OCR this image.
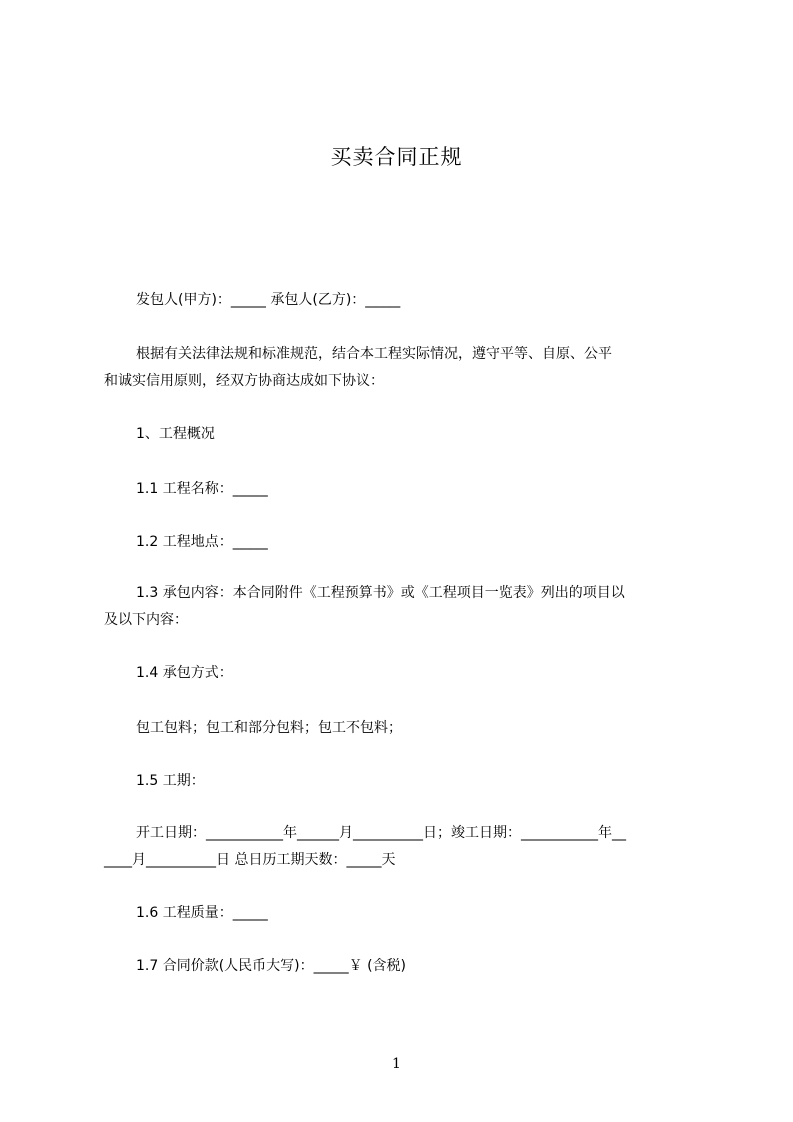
买卖合同正规
发包人(甲方)：_____ 承包人(乙方)：_____
根据有关法律法规和标准规范，结合本工程实际情况，遵守平等、自原、公平
和诚实信用原则，经双方协商达成如下协议：
1、工程概况
1.1 工程名称：_____
1.2 工程地点：_____
1.3 承包内容：本合同附件《工程预算书》或《工程项目一览表》列出的项目以
及以下内容：
1.4 承包方式：
包工包料；包工和部分包料；包工不包料；
1.5 工期：
开工日期：___________年______月__________日；竣工日期：___________年__
____月__________日 总日历工期天数：_____天
1.6 工程质量：_____
1.7 合同价款(人民币大写)：_____￥ (含税)
1
